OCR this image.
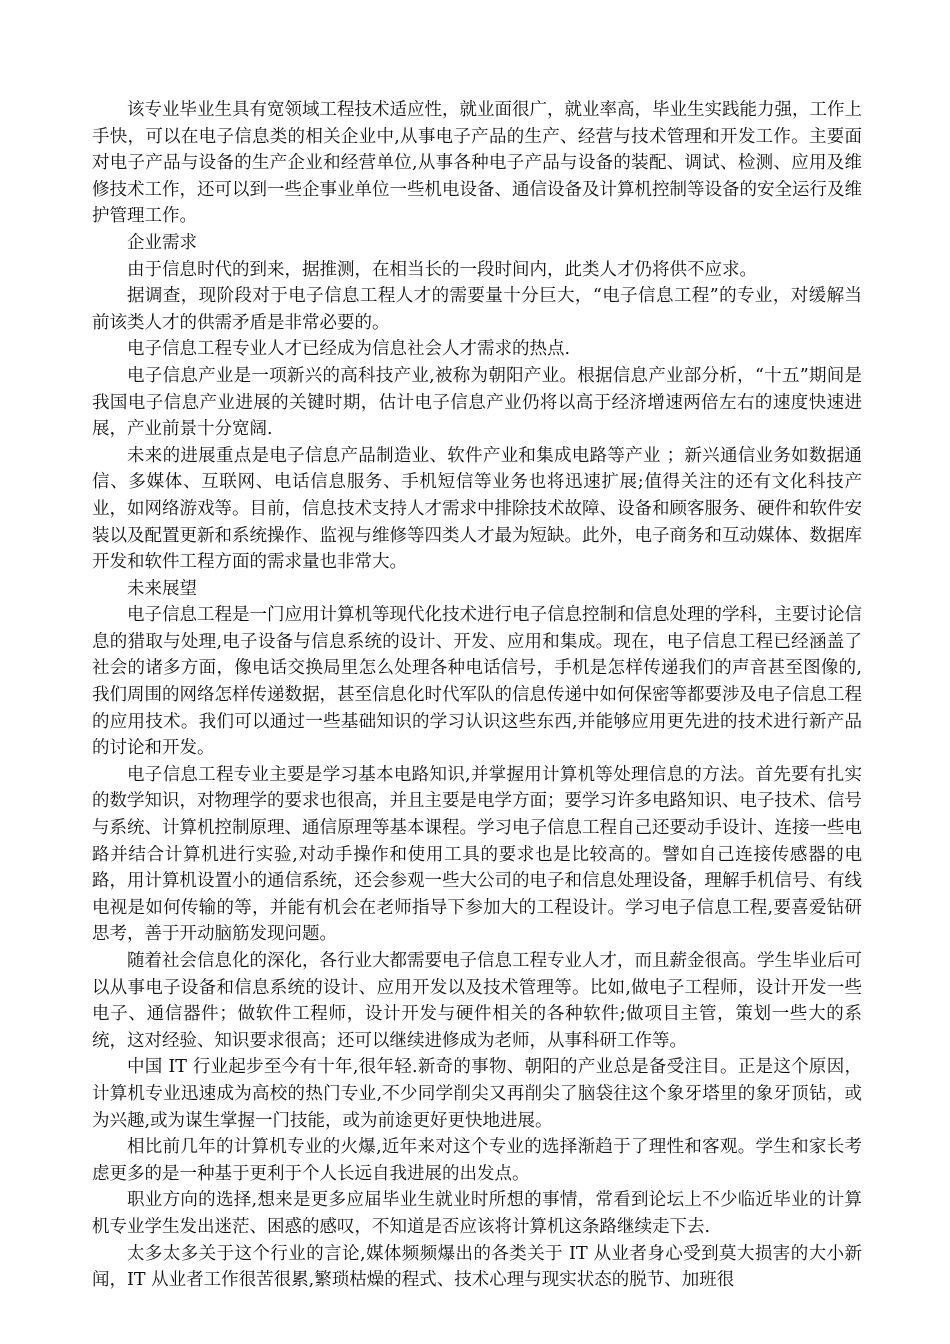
该专业毕业生具有宽领域工程技术适应性，就业面很广，就业率高，毕业生实践能力强，工作上手快，可以在电子信息类的相关企业中,从事电子产品的生产、经营与技术管理和开发工作。主要面对电子产品与设备的生产企业和经营单位,从事各种电子产品与设备的装配、调试、检测、应用及维修技术工作，还可以到一些企事业单位一些机电设备、通信设备及计算机控制等设备的安全运行及维护管理工作。

企业需求

由于信息时代的到来，据推测，在相当长的一段时间内，此类人才仍将供不应求。

据调查，现阶段对于电子信息工程人才的需要量十分巨大，“电子信息工程”的专业，对缓解当前该类人才的供需矛盾是非常必要的。

电子信息工程专业人才已经成为信息社会人才需求的热点.

电子信息产业是一项新兴的高科技产业,被称为朝阳产业。根据信息产业部分析，“十五”期间是我国电子信息产业进展的关键时期，估计电子信息产业仍将以高于经济增速两倍左右的速度快速进展，产业前景十分宽阔.

未来的进展重点是电子信息产品制造业、软件产业和集成电路等产业 ；新兴通信业务如数据通信、多媒体、互联网、电话信息服务、手机短信等业务也将迅速扩展;值得关注的还有文化科技产业，如网络游戏等。目前，信息技术支持人才需求中排除技术故障、设备和顾客服务、硬件和软件安装以及配置更新和系统操作、监视与维修等四类人才最为短缺。此外，电子商务和互动媒体、数据库开发和软件工程方面的需求量也非常大。

未来展望

电子信息工程是一门应用计算机等现代化技术进行电子信息控制和信息处理的学科，主要讨论信息的猎取与处理,电子设备与信息系统的设计、开发、应用和集成。现在，电子信息工程已经涵盖了社会的诸多方面，像电话交换局里怎么处理各种电话信号，手机是怎样传递我们的声音甚至图像的,我们周围的网络怎样传递数据，甚至信息化时代军队的信息传递中如何保密等都要涉及电子信息工程的应用技术。我们可以通过一些基础知识的学习认识这些东西,并能够应用更先进的技术进行新产品的讨论和开发。

电子信息工程专业主要是学习基本电路知识,并掌握用计算机等处理信息的方法。首先要有扎实的数学知识，对物理学的要求也很高，并且主要是电学方面；要学习许多电路知识、电子技术、信号与系统、计算机控制原理、通信原理等基本课程。学习电子信息工程自己还要动手设计、连接一些电路并结合计算机进行实验,对动手操作和使用工具的要求也是比较高的。譬如自己连接传感器的电路，用计算机设置小的通信系统，还会参观一些大公司的电子和信息处理设备，理解手机信号、有线电视是如何传输的等，并能有机会在老师指导下参加大的工程设计。学习电子信息工程,要喜爱钻研思考，善于开动脑筋发现问题。

随着社会信息化的深化，各行业大都需要电子信息工程专业人才，而且薪金很高。学生毕业后可以从事电子设备和信息系统的设计、应用开发以及技术管理等。比如,做电子工程师，设计开发一些电子、通信器件；做软件工程师，设计开发与硬件相关的各种软件;做项目主管，策划一些大的系统，这对经验、知识要求很高；还可以继续进修成为老师，从事科研工作等。

中国 IT 行业起步至今有十年,很年轻.新奇的事物、朝阳的产业总是备受注目。正是这个原因，计算机专业迅速成为高校的热门专业,不少同学削尖又再削尖了脑袋往这个象牙塔里的象牙顶钻，或为兴趣,或为谋生掌握一门技能，或为前途更好更快地进展。

相比前几年的计算机专业的火爆,近年来对这个专业的选择渐趋于了理性和客观。学生和家长考虑更多的是一种基于更利于个人长远自我进展的出发点。

职业方向的选择,想来是更多应届毕业生就业时所想的事情，常看到论坛上不少临近毕业的计算机专业学生发出迷茫、困惑的感叹，不知道是否应该将计算机这条路继续走下去.

太多太多关于这个行业的言论,媒体频频爆出的各类关于 IT 从业者身心受到莫大损害的大小新闻，IT 从业者工作很苦很累,繁琐枯燥的程式、技术心理与现实状态的脱节、加班很
